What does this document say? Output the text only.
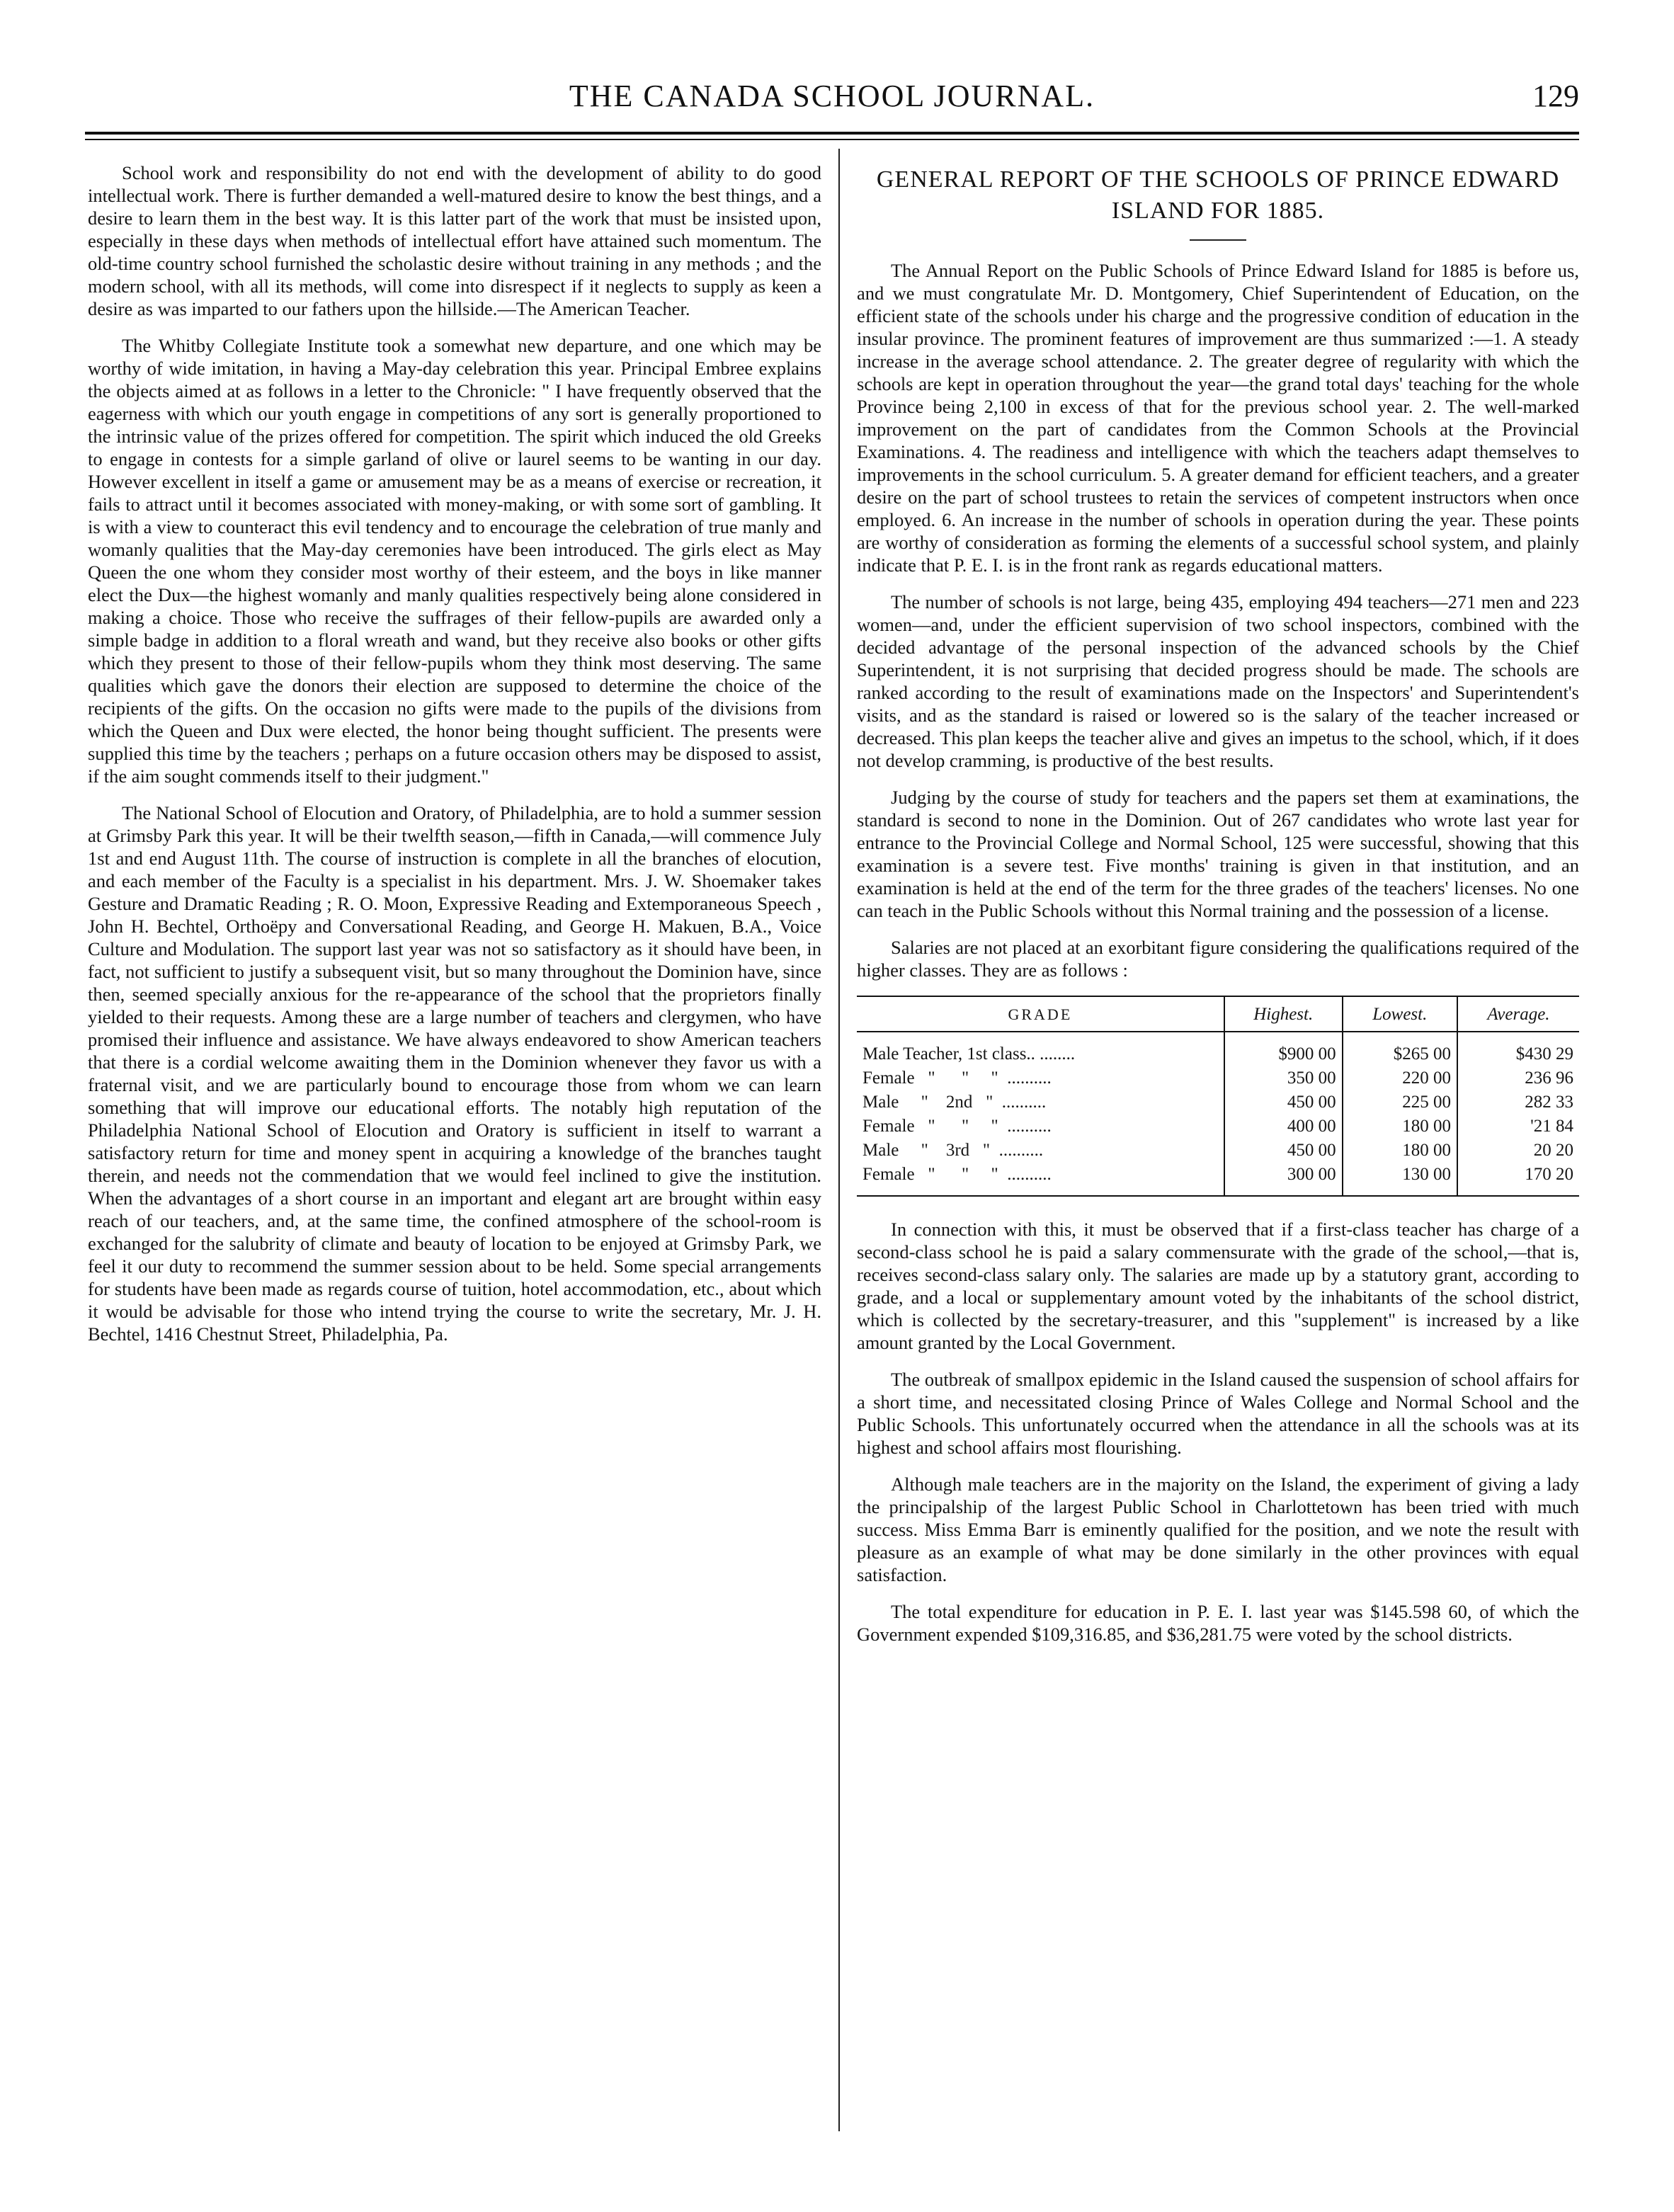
THE CANADA SCHOOL JOURNAL.	129

School work and responsibility do not end with the development of ability to do good intellectual work. There is further demanded a well-matured desire to know the best things, and a desire to learn them in the best way. It is this latter part of the work that must be insisted upon, especially in these days when methods of intellectual effort have attained such momentum. The old-time country school furnished the scholastic desire without training in any methods ; and the modern school, with all its methods, will come into disrespect if it neglects to supply as keen a desire as was imparted to our fathers upon the hillside.—The American Teacher.

The Whitby Collegiate Institute took a somewhat new departure, and one which may be worthy of wide imitation, in having a May-day celebration this year. Principal Embree explains the objects aimed at as follows in a letter to the Chronicle: " I have frequently observed that the eagerness with which our youth engage in competitions of any sort is generally proportioned to the intrinsic value of the prizes offered for competition. The spirit which induced the old Greeks to engage in contests for a simple garland of olive or laurel seems to be wanting in our day. However excellent in itself a game or amusement may be as a means of exercise or recreation, it fails to attract until it becomes associated with money-making, or with some sort of gambling. It is with a view to counteract this evil tendency and to encourage the celebration of true manly and womanly qualities that the May-day ceremonies have been introduced. The girls elect as May Queen the one whom they consider most worthy of their esteem, and the boys in like manner elect the Dux—the highest womanly and manly qualities respectively being alone considered in making a choice. Those who receive the suffrages of their fellow-pupils are awarded only a simple badge in addition to a floral wreath and wand, but they receive also books or other gifts which they present to those of their fellow-pupils whom they think most deserving. The same qualities which gave the donors their election are supposed to determine the choice of the recipients of the gifts. On the occasion no gifts were made to the pupils of the divisions from which the Queen and Dux were elected, the honor being thought sufficient. The presents were supplied this time by the teachers ; perhaps on a future occasion others may be disposed to assist, if the aim sought commends itself to their judgment."

The National School of Elocution and Oratory, of Philadelphia, are to hold a summer session at Grimsby Park this year. It will be their twelfth season,—fifth in Canada,—will commence July 1st and end August 11th. The course of instruction is complete in all the branches of elocution, and each member of the Faculty is a specialist in his department. Mrs. J. W. Shoemaker takes Gesture and Dramatic Reading ; R. O. Moon, Expressive Reading and Extemporaneous Speech , John H. Bechtel, Orthoëpy and Conversational Reading, and George H. Makuen, B.A., Voice Culture and Modulation. The support last year was not so satisfactory as it should have been, in fact, not sufficient to justify a subsequent visit, but so many throughout the Dominion have, since then, seemed specially anxious for the re-appearance of the school that the proprietors finally yielded to their requests. Among these are a large number of teachers and clergymen, who have promised their influence and assistance. We have always endeavored to show American teachers that there is a cordial welcome awaiting them in the Dominion whenever they favor us with a fraternal visit, and we are particularly bound to encourage those from whom we can learn something that will improve our educational efforts. The notably high reputation of the Philadelphia National School of Elocution and Oratory is sufficient in itself to warrant a satisfactory return for time and money spent in acquiring a knowledge of the branches taught therein, and needs not the commendation that we would feel inclined to give the institution. When the advantages of a short course in an important and elegant art are brought within easy reach of our teachers, and, at the same time, the confined atmosphere of the school-room is exchanged for the salubrity of climate and beauty of location to be enjoyed at Grimsby Park, we feel it our duty to recommend the summer session about to be held. Some special arrangements for students have been made as regards course of tuition, hotel accommodation, etc., about which it would be advisable for those who intend trying the course to write the secretary, Mr. J. H. Bechtel, 1416 Chestnut Street, Philadelphia, Pa.

GENERAL REPORT OF THE SCHOOLS OF PRINCE EDWARD ISLAND FOR 1885.

The Annual Report on the Public Schools of Prince Edward Island for 1885 is before us, and we must congratulate Mr. D. Montgomery, Chief Superintendent of Education, on the efficient state of the schools under his charge and the progressive condition of education in the insular province. The prominent features of improvement are thus summarized :—1. A steady increase in the average school attendance. 2. The greater degree of regularity with which the schools are kept in operation throughout the year—the grand total days' teaching for the whole Province being 2,100 in excess of that for the previous school year. 2. The well-marked improvement on the part of candidates from the Common Schools at the Provincial Examinations. 4. The readiness and intelligence with which the teachers adapt themselves to improvements in the school curriculum. 5. A greater demand for efficient teachers, and a greater desire on the part of school trustees to retain the services of competent instructors when once employed. 6. An increase in the number of schools in operation during the year. These points are worthy of consideration as forming the elements of a successful school system, and plainly indicate that P. E. I. is in the front rank as regards educational matters.

The number of schools is not large, being 435, employing 494 teachers—271 men and 223 women—and, under the efficient supervision of two school inspectors, combined with the decided advantage of the personal inspection of the advanced schools by the Chief Superintendent, it is not surprising that decided progress should be made. The schools are ranked according to the result of examinations made on the Inspectors' and Superintendent's visits, and as the standard is raised or lowered so is the salary of the teacher increased or decreased. This plan keeps the teacher alive and gives an impetus to the school, which, if it does not develop cramming, is productive of the best results.

Judging by the course of study for teachers and the papers set them at examinations, the standard is second to none in the Dominion. Out of 267 candidates who wrote last year for entrance to the Provincial College and Normal School, 125 were successful, showing that this examination is a severe test. Five months' training is given in that institution, and an examination is held at the end of the term for the three grades of the teachers' licenses. No one can teach in the Public Schools without this Normal training and the possession of a license.

Salaries are not placed at an exorbitant figure considering the qualifications required of the higher classes. They are as follows :

GRADE	Highest.	Lowest.	Average.
Male Teacher, 1st class.. ........	$900 00	$265 00	$430 29
Female   "      "     "  ..........	350 00	220 00	236 96
Male     "    2nd   "  ..........	450 00	225 00	282 33
Female   "      "     "  ..........	400 00	180 00	'21 84
Male     "    3rd   "  ..........	450 00	180 00	20 20
Female   "      "     "  ..........	300 00	130 00	170 20

In connection with this, it must be observed that if a first-class teacher has charge of a second-class school he is paid a salary commensurate with the grade of the school,—that is, receives second-class salary only. The salaries are made up by a statutory grant, according to grade, and a local or supplementary amount voted by the inhabitants of the school district, which is collected by the secretary-treasurer, and this "supplement" is increased by a like amount granted by the Local Government.

The outbreak of smallpox epidemic in the Island caused the suspension of school affairs for a short time, and necessitated closing Prince of Wales College and Normal School and the Public Schools. This unfortunately occurred when the attendance in all the schools was at its highest and school affairs most flourishing.

Although male teachers are in the majority on the Island, the experiment of giving a lady the principalship of the largest Public School in Charlottetown has been tried with much success. Miss Emma Barr is eminently qualified for the position, and we note the result with pleasure as an example of what may be done similarly in the other provinces with equal satisfaction.

The total expenditure for education in P. E. I. last year was $145.598 60, of which the Government expended $109,316.85, and $36,281.75 were voted by the school districts.
